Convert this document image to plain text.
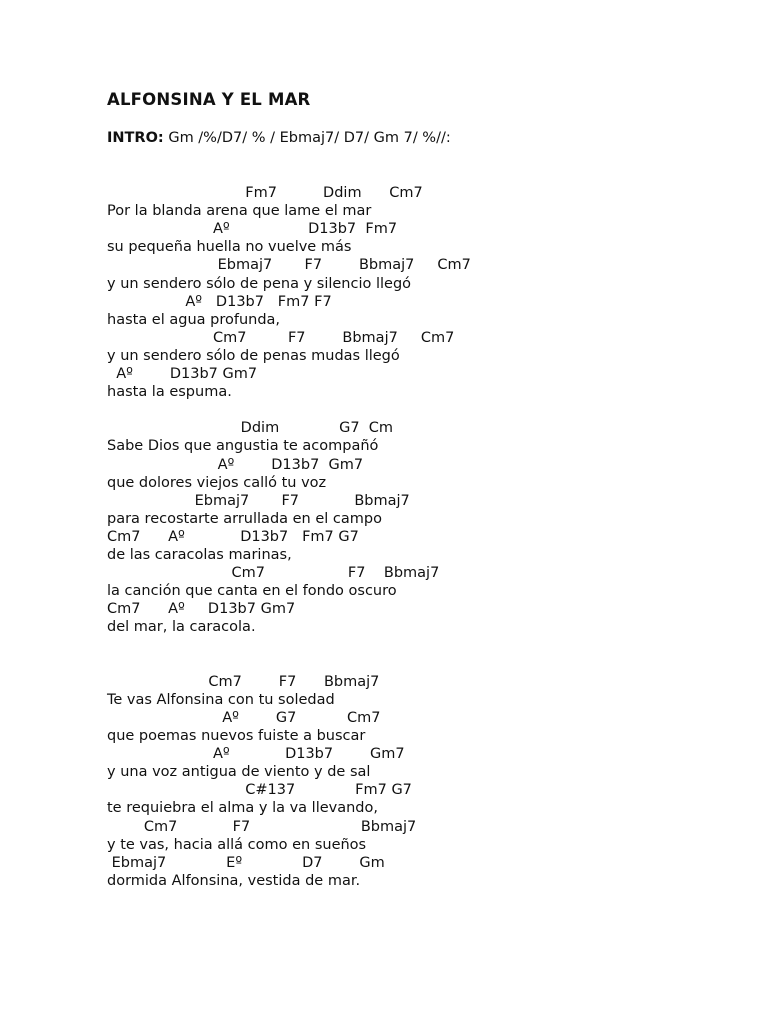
ALFONSINA Y EL MAR
INTRO: Gm /%/D7/ % / Ebmaj7/ D7/ Gm 7/ %//:
Fm7          Ddim      Cm7
Por la blanda arena que lame el mar
Aº                 D13b7  Fm7
su pequeña huella no vuelve más
Ebmaj7       F7        Bbmaj7     Cm7
y un sendero sólo de pena y silencio llegó
Aº   D13b7   Fm7 F7
hasta el agua profunda,
Cm7         F7        Bbmaj7     Cm7
y un sendero sólo de penas mudas llegó
Aº        D13b7 Gm7
hasta la espuma.
Ddim             G7  Cm
Sabe Dios que angustia te acompañó
Aº        D13b7  Gm7
que dolores viejos calló tu voz
Ebmaj7       F7            Bbmaj7
para recostarte arrullada en el campo
Cm7      Aº            D13b7   Fm7 G7
de las caracolas marinas,
Cm7                  F7    Bbmaj7
la canción que canta en el fondo oscuro
Cm7      Aº     D13b7 Gm7
del mar, la caracola.
Cm7        F7      Bbmaj7
Te vas Alfonsina con tu soledad
Aº        G7           Cm7
que poemas nuevos fuiste a buscar
Aº            D13b7        Gm7
y una voz antigua de viento y de sal
C#137             Fm7 G7
te requiebra el alma y la va llevando,
Cm7            F7                        Bbmaj7
y te vas, hacia allá como en sueños
Ebmaj7             Eº             D7        Gm
dormida Alfonsina, vestida de mar.
